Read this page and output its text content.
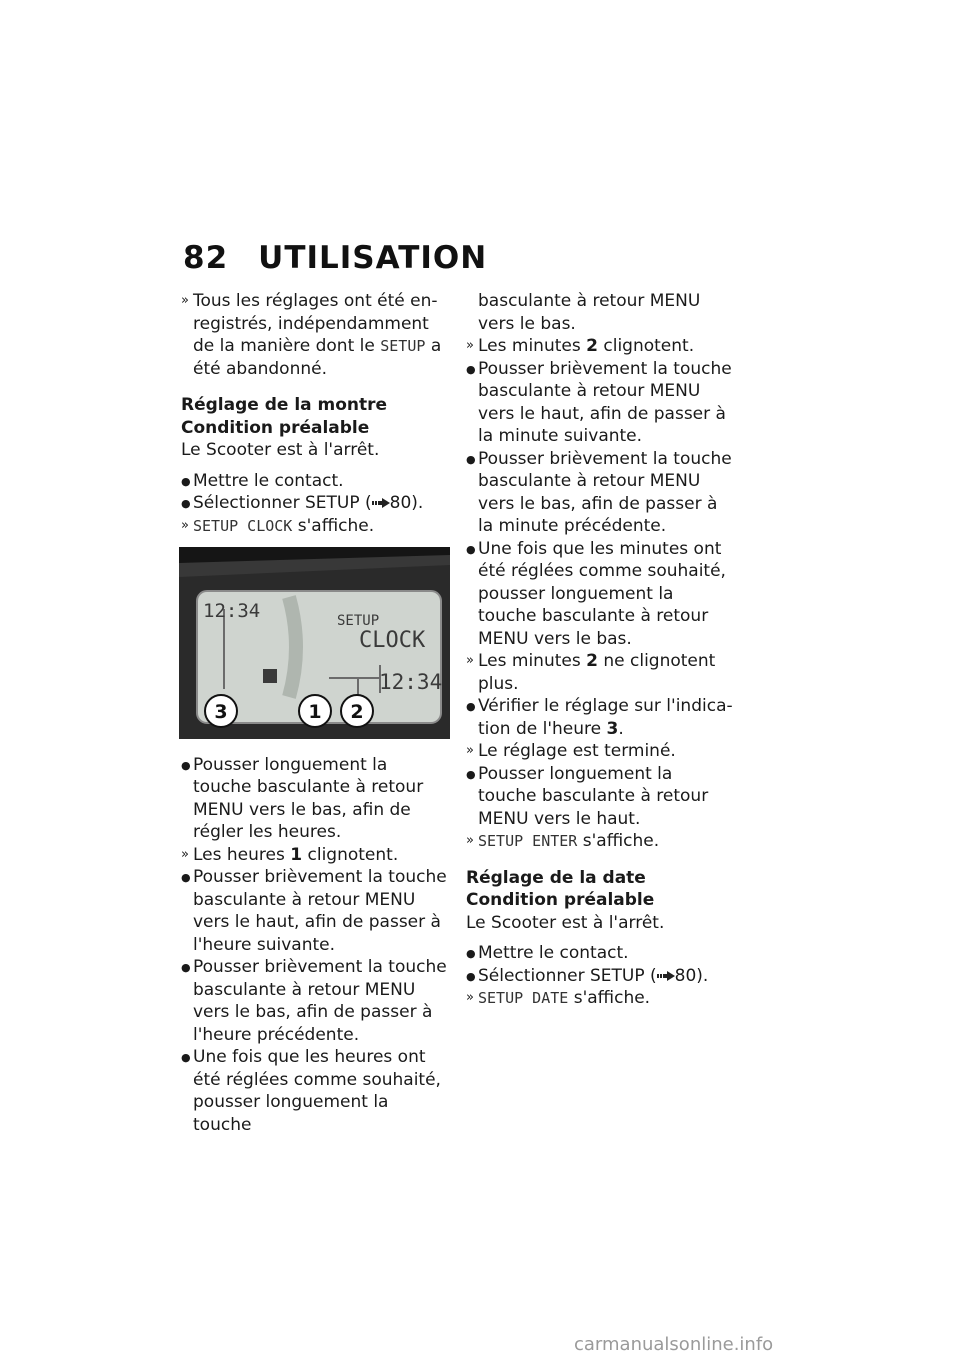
82 UTILISATION
» Tous les réglages ont été en-registrés, indépendamment de la manière dont le SETUP a été abandonné.
Réglage de la montre
Condition préalable
Le Scooter est à l'arrêt.
● Mettre le contact.
● Sélectionner SETUP ( 80).
» SETUP CLOCK s'affiche.
12:34	SETUP
CLOCK
12:34
3	1 2
● Pousser longuement la touche basculante à retour MENU vers le bas, afin de régler les heures.
» Les heures 1 clignotent.
● Pousser brièvement la touche basculante à retour MENU vers le haut, afin de passer à l'heure suivante.
● Pousser brièvement la touche basculante à retour MENU vers le bas, afin de passer à l'heure précédente.
● Une fois que les heures ont été réglées comme souhaité, pousser longuement la touche
basculante à retour MENU vers le bas.
» Les minutes 2 clignotent.
● Pousser brièvement la touche basculante à retour MENU vers le haut, afin de passer à la minute suivante.
● Pousser brièvement la touche basculante à retour MENU vers le bas, afin de passer à la minute précédente.
● Une fois que les minutes ont été réglées comme souhaité, pousser longuement la touche basculante à retour MENU vers le bas.
» Les minutes 2 ne clignotent plus.
● Vérifier le réglage sur l'indica-tion de l'heure 3.
» Le réglage est terminé.
● Pousser longuement la touche basculante à retour MENU vers le haut.
» SETUP ENTER s'affiche.
Réglage de la date
Condition préalable
Le Scooter est à l'arrêt.
● Mettre le contact.
● Sélectionner SETUP ( 80).
» SETUP DATE s'affiche.
carmanualsonline.info
